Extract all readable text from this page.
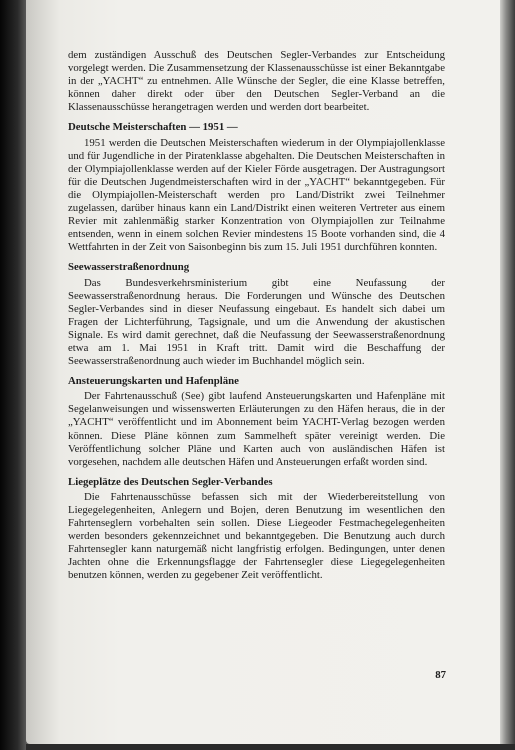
dem zuständigen Ausschuß des Deutschen Segler-Verbandes zur Entscheidung vorgelegt werden. Die Zusammensetzung der Klassenausschüsse ist einer Bekanntgabe in der „YACHT“ zu entnehmen. Alle Wünsche der Segler, die eine Klasse betreffen, können daher direkt oder über den Deutschen Segler-Verband an die Klassenausschüsse herangetragen werden und werden dort bearbeitet.

Deutsche Meisterschaften — 1951 —

1951 werden die Deutschen Meisterschaften wiederum in der Olympiajollenklasse und für Jugendliche in der Piratenklasse abgehalten. Die Deutschen Meisterschaften in der Olympiajollenklasse werden auf der Kieler Förde ausgetragen. Der Austragungsort für die Deutschen Jugendmeisterschaften wird in der „YACHT“ bekanntgegeben. Für die Olympiajollen-Meisterschaft werden pro Land/Distrikt zwei Teilnehmer zugelassen, darüber hinaus kann ein Land/Distrikt einen weiteren Vertreter aus einem Revier mit zahlenmäßig starker Konzentration von Olympiajollen zur Teilnahme entsenden, wenn in einem solchen Revier mindestens 15 Boote vorhanden sind, die 4 Wettfahrten in der Zeit von Saisonbeginn bis zum 15. Juli 1951 durchführen konnten.

Seewasserstraßenordnung

Das Bundesverkehrsministerium gibt eine Neufassung der Seewasserstraßenordnung heraus. Die Forderungen und Wünsche des Deutschen Segler-Verbandes sind in dieser Neufassung eingebaut. Es handelt sich dabei um Fragen der Lichterführung, Tagsignale, und um die Anwendung der akustischen Signale. Es wird damit gerechnet, daß die Neufassung der Seewasserstraßenordnung etwa am 1. Mai 1951 in Kraft tritt. Damit wird die Beschaffung der Seewasserstraßenordnung auch wieder im Buchhandel möglich sein.

Ansteuerungskarten und Hafenpläne

Der Fahrtenausschuß (See) gibt laufend Ansteuerungskarten und Hafenpläne mit Segelanweisungen und wissenswerten Erläuterungen zu den Häfen heraus, die in der „YACHT“ veröffentlicht und im Abonnement beim YACHT-Verlag bezogen werden können. Diese Pläne können zum Sammelheft später vereinigt werden. Die Veröffentlichung solcher Pläne und Karten auch von ausländischen Häfen ist vorgesehen, nachdem alle deutschen Häfen und Ansteuerungen erfaßt worden sind.

Liegeplätze des Deutschen Segler-Verbandes

Die Fahrtenausschüsse befassen sich mit der Wiederbereitstellung von Liegegelegenheiten, Anlegern und Bojen, deren Benutzung im wesentlichen den Fahrtenseglern vorbehalten sein sollen. Diese Liegeoder Festmachegelegenheiten werden besonders gekennzeichnet und bekanntgegeben. Die Benutzung auch durch Fahrtensegler kann naturgemäß nicht langfristig erfolgen. Bedingungen, unter denen Jachten ohne die Erkennungsflagge der Fahrtensegler diese Liegegelegenheiten benutzen können, werden zu gegebener Zeit veröffentlicht.

87
